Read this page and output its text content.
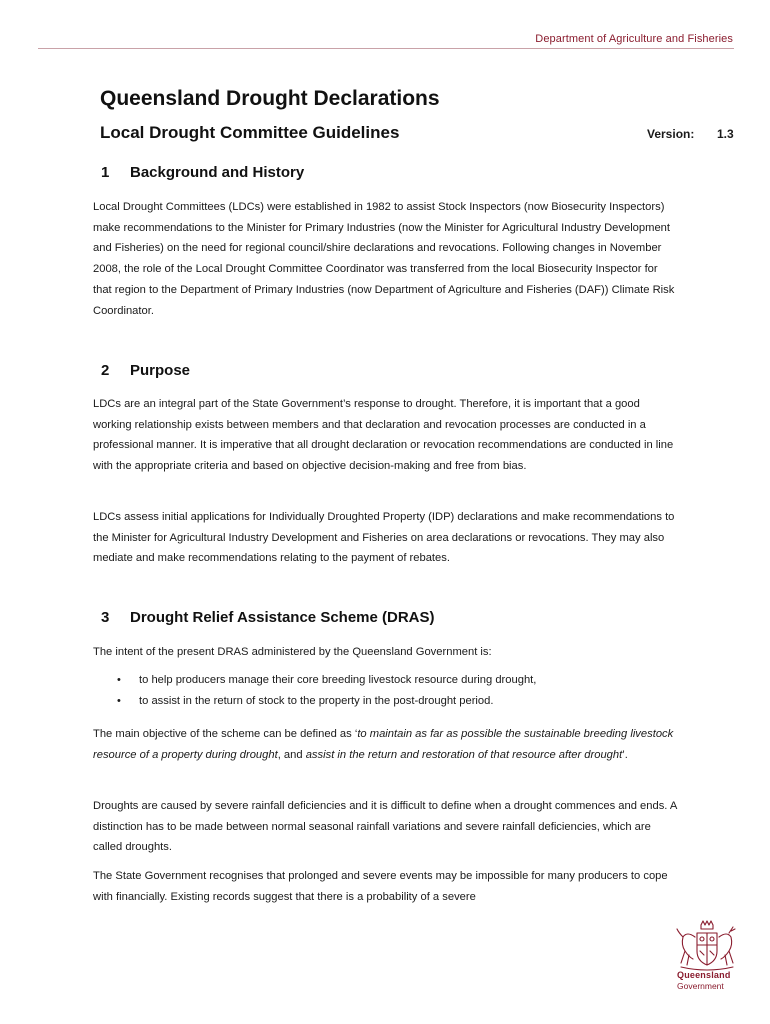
Department of Agriculture and Fisheries
Queensland Drought Declarations
Local Drought Committee Guidelines	Version: 1.3
1 Background and History

Local Drought Committees (LDCs) were established in 1982 to assist Stock Inspectors (now Biosecurity Inspectors) make recommendations to the Minister for Primary Industries (now the Minister for Agricultural Industry Development and Fisheries) on the need for regional council/shire declarations and revocations. Following changes in November 2008, the role of the Local Drought Committee Coordinator was transferred from the local Biosecurity Inspector for that region to the Department of Primary Industries (now Department of Agriculture and Fisheries (DAF)) Climate Risk Coordinator.

2 Purpose

LDCs are an integral part of the State Government’s response to drought. Therefore, it is important that a good working relationship exists between members and that declaration and revocation processes are conducted in a professional manner. It is imperative that all drought declaration or revocation recommendations are conducted in line with the appropriate criteria and based on objective decision-making and free from bias.

LDCs assess initial applications for Individually Droughted Property (IDP) declarations and make recommendations to the Minister for Agricultural Industry Development and Fisheries on area declarations or revocations. They may also mediate and make recommendations relating to the payment of rebates.

3 Drought Relief Assistance Scheme (DRAS)

The intent of the present DRAS administered by the Queensland Government is:

• to help producers manage their core breeding livestock resource during drought,
• to assist in the return of stock to the property in the post-drought period.

The main objective of the scheme can be defined as ‘to maintain as far as possible the sustainable breeding livestock resource of a property during drought, and assist in the return and restoration of that resource after drought’.

Droughts are caused by severe rainfall deficiencies and it is difficult to define when a drought commences and ends. A distinction has to be made between normal seasonal rainfall variations and severe rainfall deficiencies, which are called droughts.

The State Government recognises that prolonged and severe events may be impossible for many producers to cope with financially. Existing records suggest that there is a probability of a severe

Queensland
Government
